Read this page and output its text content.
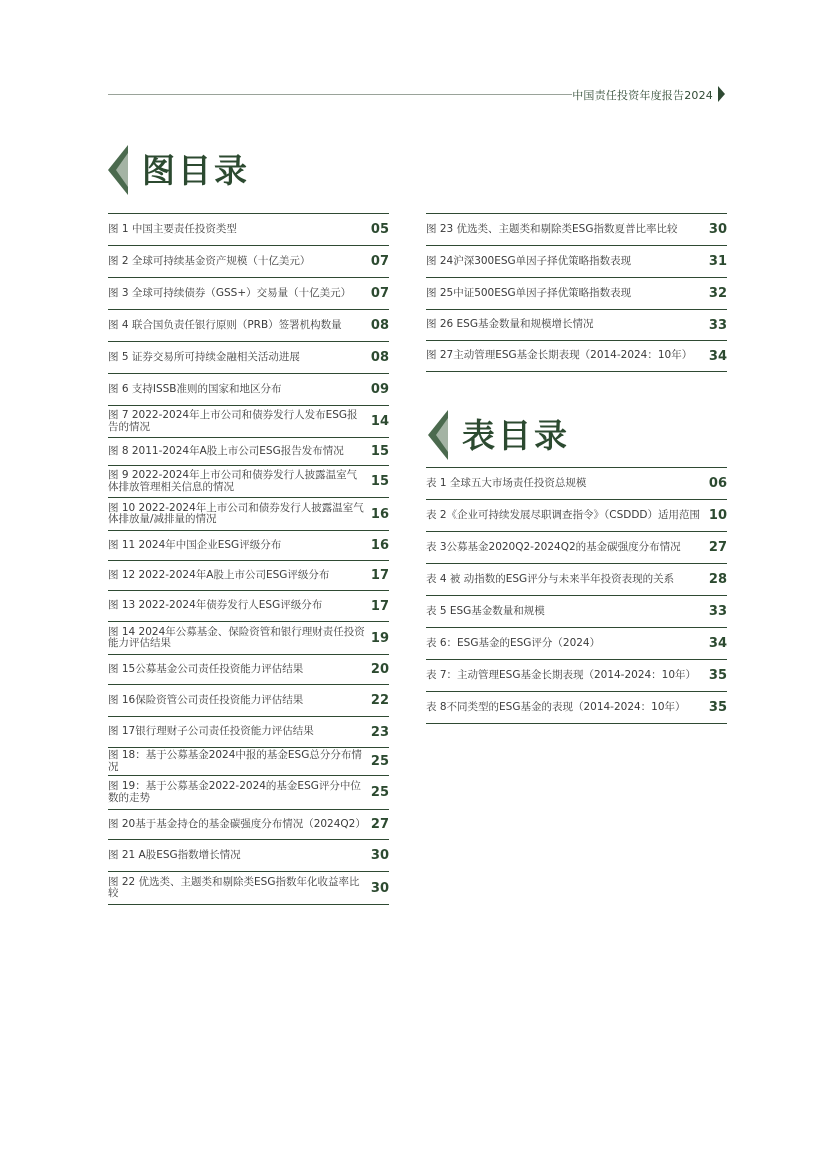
中国责任投资年度报告2024
图目录
表目录
图 1 中国主要责任投资类型	05
图 2 全球可持续基金资产规模（十亿美元）	07
图 3 全球可持续债券（GSS+）交易量（十亿美元）	07
图 4 联合国负责任银行原则（PRB）签署机构数量	08
图 5 证券交易所可持续金融相关活动进展	08
图 6 支持ISSB准则的国家和地区分布	09
图 7 2022-2024年上市公司和债券发行人发布ESG报告的情况	14
图 8 2011-2024年A股上市公司ESG报告发布情况	15
图 9 2022-2024年上市公司和债券发行人披露温室气体排放管理相关信息的情况	15
图 10 2022-2024年上市公司和债券发行人披露温室气体排放量/减排量的情况	16
图 11 2024年中国企业ESG评级分布	16
图 12 2022-2024年A股上市公司ESG评级分布	17
图 13 2022-2024年债券发行人ESG评级分布	17
图 14 2024年公募基金、保险资管和银行理财责任投资能力评估结果	19
图 15公募基金公司责任投资能力评估结果	20
图 16保险资管公司责任投资能力评估结果	22
图 17银行理财子公司责任投资能力评估结果	23
图 18：基于公募基金2024中报的基金ESG总分分布情况	25
图 19：基于公募基金2022-2024的基金ESG评分中位数的走势	25
图 20基于基金持仓的基金碳强度分布情况（2024Q2） 27
图 21 A股ESG指数增长情况	30
图 22 优选类、主题类和剔除类ESG指数年化收益率比较	30
图 23 优选类、主题类和剔除类ESG指数夏普比率比较	30
图 24沪深300ESG单因子择优策略指数表现	31
图 25中证500ESG单因子择优策略指数表现	32
图 26 ESG基金数量和规模增长情况	33
图 27主动管理ESG基金长期表现（2014-2024：10年）	34
表 1 全球五大市场责任投资总规模	06
表 2《企业可持续发展尽职调查指令》（CSDDD）适用范围 10
表 3公募基金2020Q2-2024Q2的基金碳强度分布情况	27
表 4 被 动指数的ESG评分与未来半年投资表现的关系	28
表 5 ESG基金数量和规模	33
表 6：ESG基金的ESG评分（2024）	34
表 7：主动管理ESG基金长期表现（2014-2024：10年） 35
表 8不同类型的ESG基金的表现（2014-2024：10年）	35
